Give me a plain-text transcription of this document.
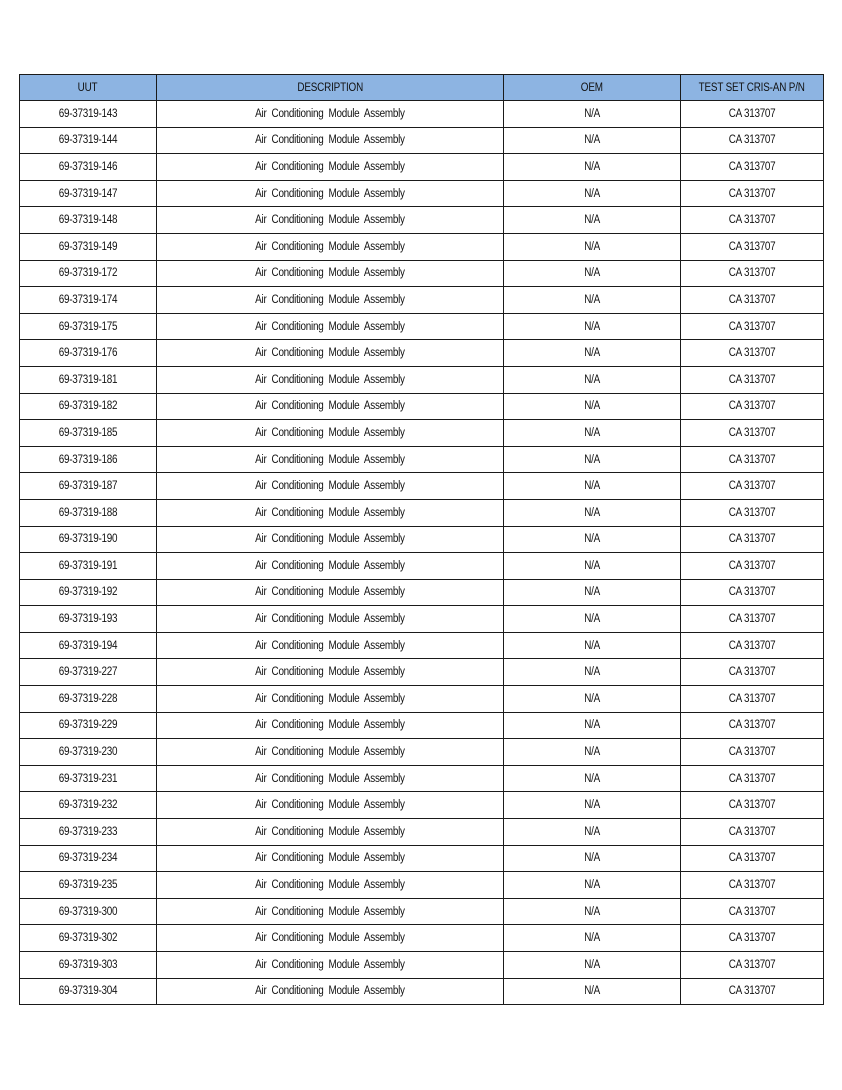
UUT	DESCRIPTION	OEM	TEST SET CRIS-AN P/N
69-37319-143	Air Conditioning Module Assembly	N/A	CA 313707
69-37319-144	Air Conditioning Module Assembly	N/A	CA 313707
69-37319-146	Air Conditioning Module Assembly	N/A	CA 313707
69-37319-147	Air Conditioning Module Assembly	N/A	CA 313707
69-37319-148	Air Conditioning Module Assembly	N/A	CA 313707
69-37319-149	Air Conditioning Module Assembly	N/A	CA 313707
69-37319-172	Air Conditioning Module Assembly	N/A	CA 313707
69-37319-174	Air Conditioning Module Assembly	N/A	CA 313707
69-37319-175	Air Conditioning Module Assembly	N/A	CA 313707
69-37319-176	Air Conditioning Module Assembly	N/A	CA 313707
69-37319-181	Air Conditioning Module Assembly	N/A	CA 313707
69-37319-182	Air Conditioning Module Assembly	N/A	CA 313707
69-37319-185	Air Conditioning Module Assembly	N/A	CA 313707
69-37319-186	Air Conditioning Module Assembly	N/A	CA 313707
69-37319-187	Air Conditioning Module Assembly	N/A	CA 313707
69-37319-188	Air Conditioning Module Assembly	N/A	CA 313707
69-37319-190	Air Conditioning Module Assembly	N/A	CA 313707
69-37319-191	Air Conditioning Module Assembly	N/A	CA 313707
69-37319-192	Air Conditioning Module Assembly	N/A	CA 313707
69-37319-193	Air Conditioning Module Assembly	N/A	CA 313707
69-37319-194	Air Conditioning Module Assembly	N/A	CA 313707
69-37319-227	Air Conditioning Module Assembly	N/A	CA 313707
69-37319-228	Air Conditioning Module Assembly	N/A	CA 313707
69-37319-229	Air Conditioning Module Assembly	N/A	CA 313707
69-37319-230	Air Conditioning Module Assembly	N/A	CA 313707
69-37319-231	Air Conditioning Module Assembly	N/A	CA 313707
69-37319-232	Air Conditioning Module Assembly	N/A	CA 313707
69-37319-233	Air Conditioning Module Assembly	N/A	CA 313707
69-37319-234	Air Conditioning Module Assembly	N/A	CA 313707
69-37319-235	Air Conditioning Module Assembly	N/A	CA 313707
69-37319-300	Air Conditioning Module Assembly	N/A	CA 313707
69-37319-302	Air Conditioning Module Assembly	N/A	CA 313707
69-37319-303	Air Conditioning Module Assembly	N/A	CA 313707
69-37319-304	Air Conditioning Module Assembly	N/A	CA 313707
